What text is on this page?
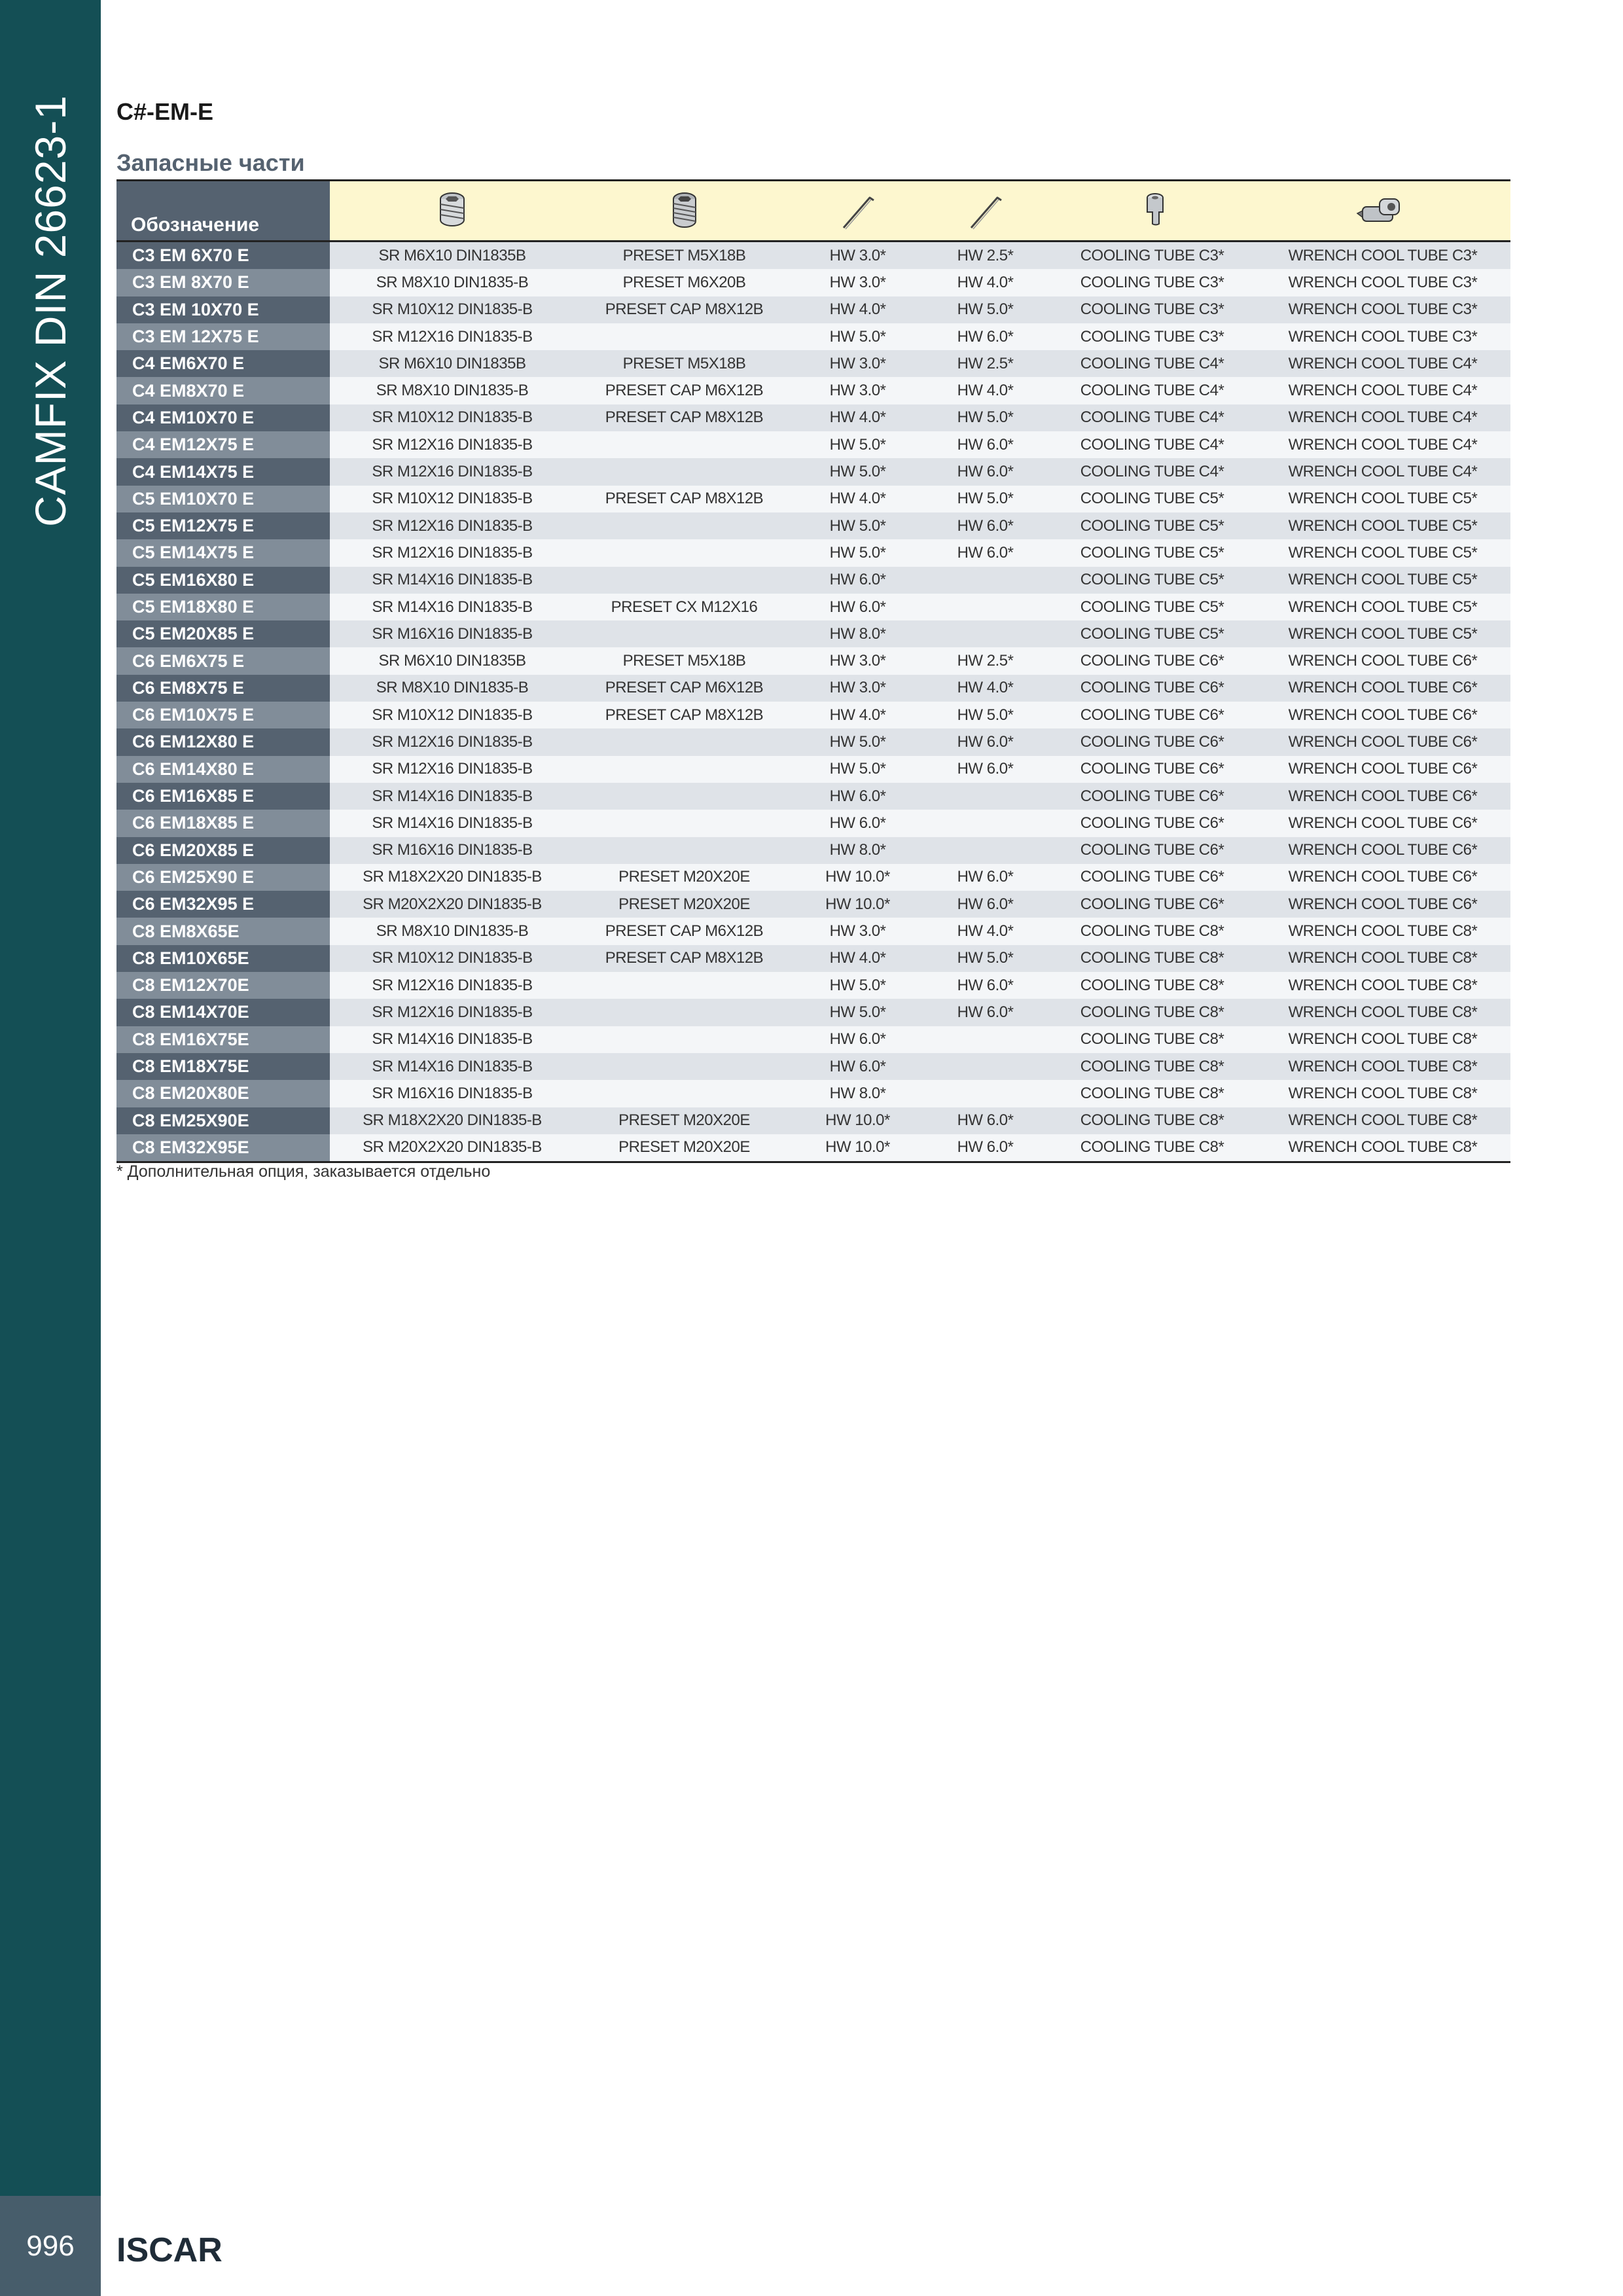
CAMFIX DIN 26623-1
996	ISCAR
C#-EM-E
Запасные части
Обозначение	

C3 EM 6X70 E	SR M6X10 DIN1835B	PRESET M5X18B	HW 3.0*	HW 2.5*	COOLING TUBE C3*	WRENCH COOL TUBE C3*
C3 EM 8X70 E	SR M8X10 DIN1835-B	PRESET M6X20B	HW 3.0*	HW 4.0*	COOLING TUBE C3*	WRENCH COOL TUBE C3*
C3 EM 10X70 E	SR M10X12 DIN1835-B	PRESET CAP M8X12B	HW 4.0*	HW 5.0*	COOLING TUBE C3*	WRENCH COOL TUBE C3*
C3 EM 12X75 E	SR M12X16 DIN1835-B		HW 5.0*	HW 6.0*	COOLING TUBE C3*	WRENCH COOL TUBE C3*
C4 EM6X70 E	SR M6X10 DIN1835B	PRESET M5X18B	HW 3.0*	HW 2.5*	COOLING TUBE C4*	WRENCH COOL TUBE C4*
C4 EM8X70 E	SR M8X10 DIN1835-B	PRESET CAP M6X12B	HW 3.0*	HW 4.0*	COOLING TUBE C4*	WRENCH COOL TUBE C4*
C4 EM10X70 E	SR M10X12 DIN1835-B	PRESET CAP M8X12B	HW 4.0*	HW 5.0*	COOLING TUBE C4*	WRENCH COOL TUBE C4*
C4 EM12X75 E	SR M12X16 DIN1835-B		HW 5.0*	HW 6.0*	COOLING TUBE C4*	WRENCH COOL TUBE C4*
C4 EM14X75 E	SR M12X16 DIN1835-B		HW 5.0*	HW 6.0*	COOLING TUBE C4*	WRENCH COOL TUBE C4*
C5 EM10X70 E	SR M10X12 DIN1835-B	PRESET CAP M8X12B	HW 4.0*	HW 5.0*	COOLING TUBE C5*	WRENCH COOL TUBE C5*
C5 EM12X75 E	SR M12X16 DIN1835-B		HW 5.0*	HW 6.0*	COOLING TUBE C5*	WRENCH COOL TUBE C5*
C5 EM14X75 E	SR M12X16 DIN1835-B		HW 5.0*	HW 6.0*	COOLING TUBE C5*	WRENCH COOL TUBE C5*
C5 EM16X80 E	SR M14X16 DIN1835-B		HW 6.0*		COOLING TUBE C5*	WRENCH COOL TUBE C5*
C5 EM18X80 E	SR M14X16 DIN1835-B	PRESET CX M12X16	HW 6.0*		COOLING TUBE C5*	WRENCH COOL TUBE C5*
C5 EM20X85 E	SR M16X16 DIN1835-B		HW 8.0*		COOLING TUBE C5*	WRENCH COOL TUBE C5*
C6 EM6X75 E	SR M6X10 DIN1835B	PRESET M5X18B	HW 3.0*	HW 2.5*	COOLING TUBE C6*	WRENCH COOL TUBE C6*
C6 EM8X75 E	SR M8X10 DIN1835-B	PRESET CAP M6X12B	HW 3.0*	HW 4.0*	COOLING TUBE C6*	WRENCH COOL TUBE C6*
C6 EM10X75 E	SR M10X12 DIN1835-B	PRESET CAP M8X12B	HW 4.0*	HW 5.0*	COOLING TUBE C6*	WRENCH COOL TUBE C6*
C6 EM12X80 E	SR M12X16 DIN1835-B		HW 5.0*	HW 6.0*	COOLING TUBE C6*	WRENCH COOL TUBE C6*
C6 EM14X80 E	SR M12X16 DIN1835-B		HW 5.0*	HW 6.0*	COOLING TUBE C6*	WRENCH COOL TUBE C6*
C6 EM16X85 E	SR M14X16 DIN1835-B		HW 6.0*		COOLING TUBE C6*	WRENCH COOL TUBE C6*
C6 EM18X85 E	SR M14X16 DIN1835-B		HW 6.0*		COOLING TUBE C6*	WRENCH COOL TUBE C6*
C6 EM20X85 E	SR M16X16 DIN1835-B		HW 8.0*		COOLING TUBE C6*	WRENCH COOL TUBE C6*
C6 EM25X90 E	SR M18X2X20 DIN1835-B	PRESET M20X20E	HW 10.0*	HW 6.0*	COOLING TUBE C6*	WRENCH COOL TUBE C6*
C6 EM32X95 E	SR M20X2X20 DIN1835-B	PRESET M20X20E	HW 10.0*	HW 6.0*	COOLING TUBE C6*	WRENCH COOL TUBE C6*
C8 EM8X65E	SR M8X10 DIN1835-B	PRESET CAP M6X12B	HW 3.0*	HW 4.0*	COOLING TUBE C8*	WRENCH COOL TUBE C8*
C8 EM10X65E	SR M10X12 DIN1835-B	PRESET CAP M8X12B	HW 4.0*	HW 5.0*	COOLING TUBE C8*	WRENCH COOL TUBE C8*
C8 EM12X70E	SR M12X16 DIN1835-B		HW 5.0*	HW 6.0*	COOLING TUBE C8*	WRENCH COOL TUBE C8*
C8 EM14X70E	SR M12X16 DIN1835-B		HW 5.0*	HW 6.0*	COOLING TUBE C8*	WRENCH COOL TUBE C8*
C8 EM16X75E	SR M14X16 DIN1835-B		HW 6.0*		COOLING TUBE C8*	WRENCH COOL TUBE C8*
C8 EM18X75E	SR M14X16 DIN1835-B		HW 6.0*		COOLING TUBE C8*	WRENCH COOL TUBE C8*
C8 EM20X80E	SR M16X16 DIN1835-B		HW 8.0*		COOLING TUBE C8*	WRENCH COOL TUBE C8*
C8 EM25X90E	SR M18X2X20 DIN1835-B	PRESET M20X20E	HW 10.0*	HW 6.0*	COOLING TUBE C8*	WRENCH COOL TUBE C8*
C8 EM32X95E	SR M20X2X20 DIN1835-B	PRESET M20X20E	HW 10.0*	HW 6.0*	COOLING TUBE C8*	WRENCH COOL TUBE C8*
* Дополнительная опция, заказывается отдельно
